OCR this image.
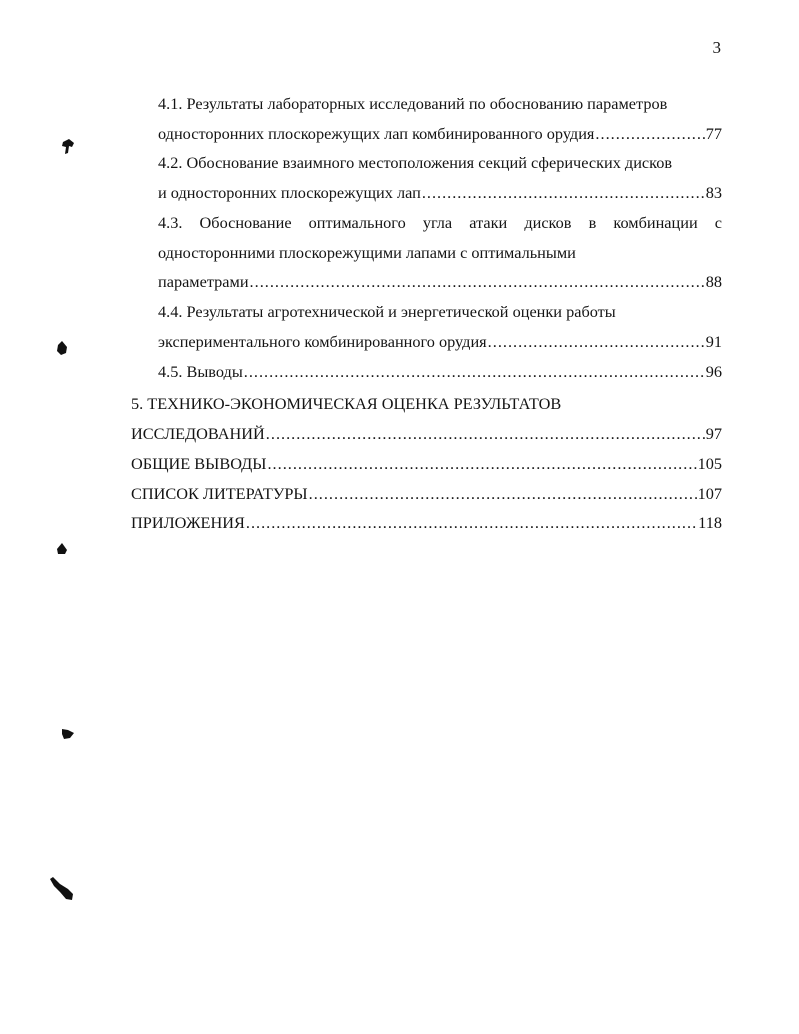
3
4.1. Результаты лабораторных исследований по обоснованию параметров
односторонних плоскорежущих лап комбинированного орудия .....	77
4.2. Обоснование взаимного местоположения секций сферических дисков
и односторонних плоскорежущих лап .....	83
4.3. Обоснование оптимального угла атаки дисков в комбинации с
односторонними плоскорежущими лапами с оптимальными
параметрами .....	88
4.4. Результаты агротехнической и энергетической оценки работы
экспериментального комбинированного орудия .....	91
4.5. Выводы .....	96
5. ТЕХНИКО-ЭКОНОМИЧЕСКАЯ ОЦЕНКА РЕЗУЛЬТАТОВ
ИССЛЕДОВАНИЙ .....	97
ОБЩИЕ ВЫВОДЫ .....	105
СПИСОК ЛИТЕРАТУРЫ .....	107
ПРИЛОЖЕНИЯ .....	118
